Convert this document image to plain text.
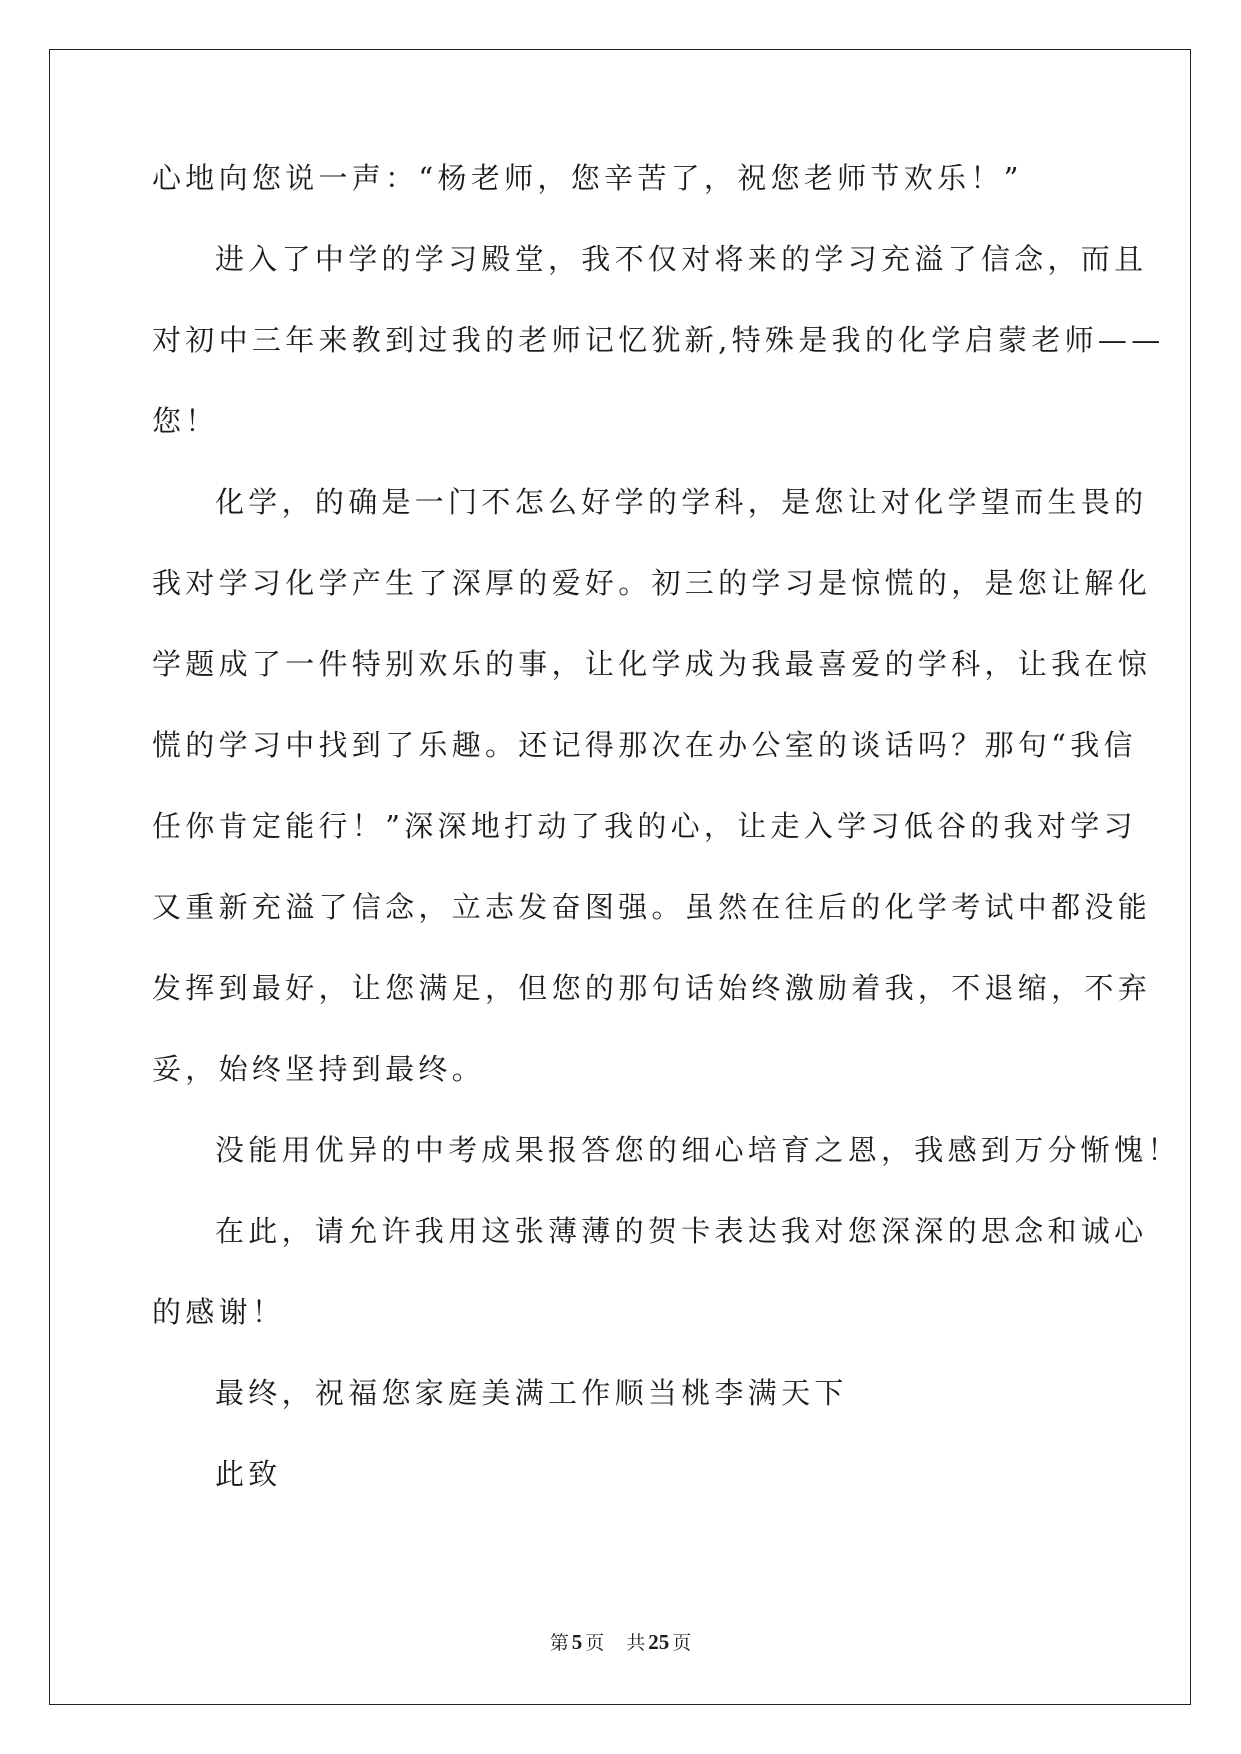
心地向您说一声：“杨老师，您辛苦了，祝您老师节欢乐！”
进入了中学的学习殿堂，我不仅对将来的学习充溢了信念，而且
对初中三年来教到过我的老师记忆犹新,特殊是我的化学启蒙老师——
您！
化学，的确是一门不怎么好学的学科，是您让对化学望而生畏的
我对学习化学产生了深厚的爱好。初三的学习是惊慌的，是您让解化
学题成了一件特别欢乐的事，让化学成为我最喜爱的学科，让我在惊
慌的学习中找到了乐趣。还记得那次在办公室的谈话吗？那句“我信
任你肯定能行！”深深地打动了我的心，让走入学习低谷的我对学习
又重新充溢了信念，立志发奋图强。虽然在往后的化学考试中都没能
发挥到最好，让您满足，但您的那句话始终激励着我，不退缩，不弃
妥，始终坚持到最终。
没能用优异的中考成果报答您的细心培育之恩，我感到万分惭愧！
在此，请允许我用这张薄薄的贺卡表达我对您深深的思念和诚心
的感谢！
最终，祝福您家庭美满工作顺当桃李满天下
此致
第 5 页 共 25 页
